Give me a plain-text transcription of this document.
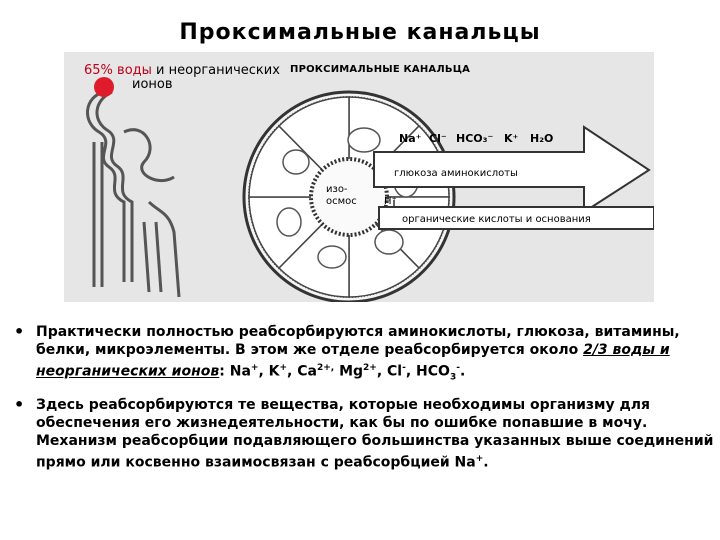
Проксимальные канальцы
Na⁺ Cl⁻ HCO₃⁻ K⁺ H₂O
глюкоза аминокислоты
изо-
осмос	H⁺
органические кислоты и основания
ПРОКСИМАЛЬНЫЕ КАНАЛЬЦА
65% воды и неорганических
ионов
• Практически полностью реабсорбируются аминокислоты, глюкоза, витамины, белки, микроэлементы. В этом же отделе реабсорбируется около 2/3 воды и неорганических ионов: Na+, K+, $Ca^{2+,}$ $Mg^{2+}$, Cl-, $HCO_3^-$.
• Здесь реабсорбируются те вещества, которые необходимы организму для обеспечения его жизнедеятельности, как бы по ошибке попавшие в мочу. Механизм реабсорбции подавляющего большинства указанных выше соединений прямо или косвенно взаимосвязан с реабсорбцией Na+.
